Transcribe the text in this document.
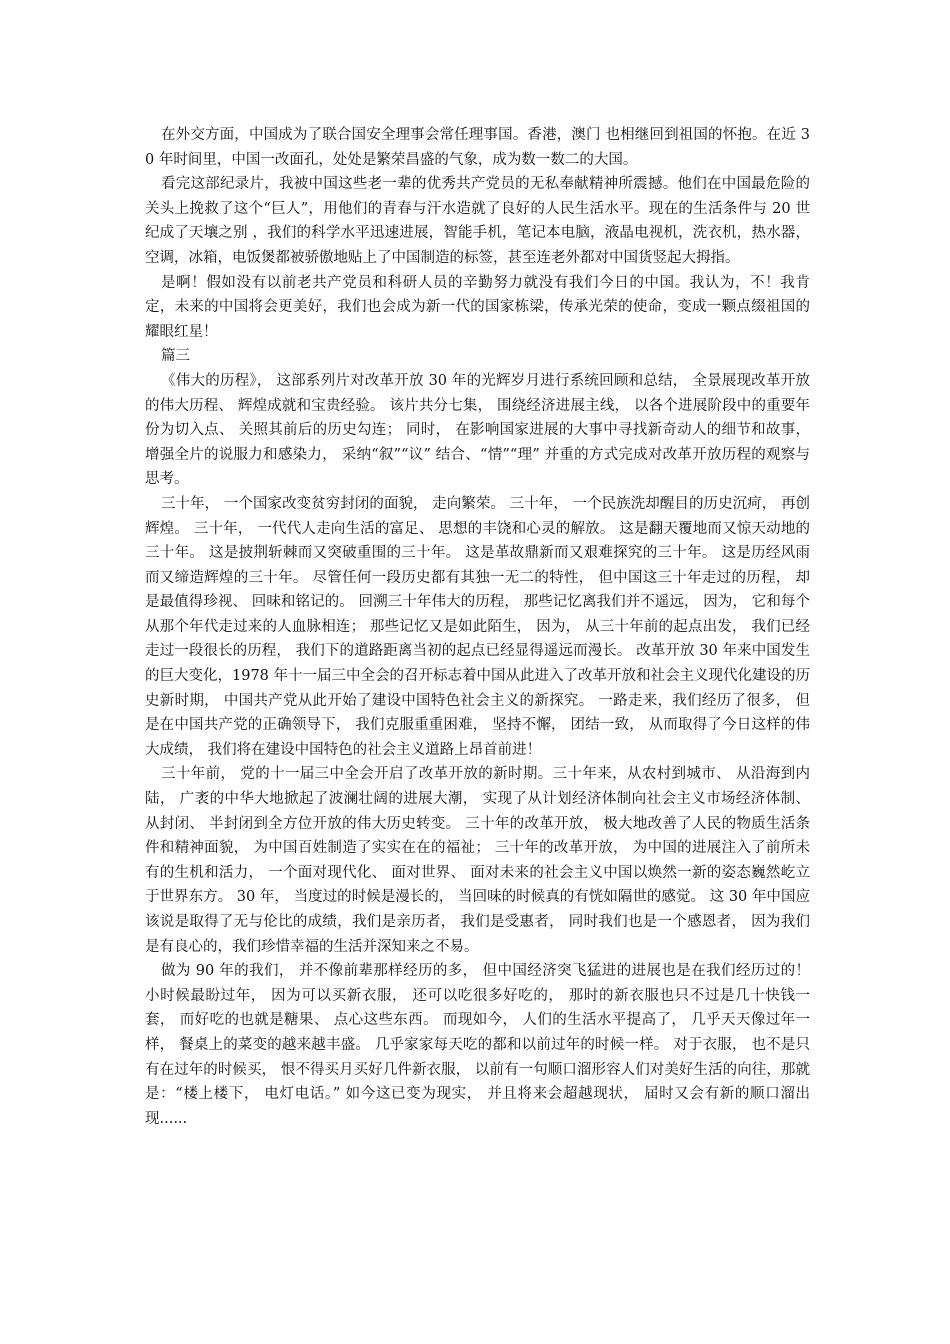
在外交方面，中国成为了联合国安全理事会常任理事国。香港，澳门 也相继回到祖国的怀抱。在近 30 年时间里，中国一改面孔，处处是繁荣昌盛的气象，成为数一数二的大国。

看完这部纪录片，我被中国这些老一辈的优秀共产党员的无私奉献精神所震撼。他们在中国最危险的关头上挽救了这个“巨人”，用他们的青春与汗水造就了良好的人民生活水平。现在的生活条件与 20 世纪成了天壤之别 ，我们的科学水平迅速进展，智能手机，笔记本电脑，液晶电视机，洗衣机，热水器，空调，冰箱，电饭煲都被骄傲地贴上了中国制造的标签，甚至连老外都对中国货竖起大拇指。

是啊！假如没有以前老共产党员和科研人员的辛勤努力就没有我们今日的中国。我认为，不！我肯定，未来的中国将会更美好，我们也会成为新一代的国家栋梁，传承光荣的使命，变成一颗点缀祖国的耀眼红星！

篇三

《伟大的历程》， 这部系列片对改革开放 30 年的光辉岁月进行系统回顾和总结， 全景展现改革开放的伟大历程、 辉煌成就和宝贵经验。 该片共分七集， 围绕经济进展主线， 以各个进展阶段中的重要年份为切入点、 关照其前后的历史勾连； 同时， 在影响国家进展的大事中寻找新奇动人的细节和故事， 增强全片的说服力和感染力， 采纳“叙”“议” 结合、“情”“理” 并重的方式完成对改革开放历程的观察与思考。

三十年， 一个国家改变贫穷封闭的面貌， 走向繁荣。 三十年， 一个民族洗却醒目的历史沉疴， 再创辉煌。 三十年， 一代代人走向生活的富足、 思想的丰饶和心灵的解放。 这是翻天覆地而又惊天动地的三十年。 这是披荆斩棘而又突破重围的三十年。 这是革故鼎新而又艰难探究的三十年。 这是历经风雨而又缔造辉煌的三十年。 尽管任何一段历史都有其独一无二的特性， 但中国这三十年走过的历程， 却是最值得珍视、 回味和铭记的。 回溯三十年伟大的历程， 那些记忆离我们并不遥远， 因为， 它和每个从那个年代走过来的人血脉相连； 那些记忆又是如此陌生， 因为， 从三十年前的起点出发， 我们已经走过一段很长的历程， 我们下的道路距离当初的起点已经显得遥远而漫长。 改革开放 30 年来中国发生的巨大变化，1978 年十一届三中全会的召开标志着中国从此进入了改革开放和社会主义现代化建设的历史新时期， 中国共产党从此开始了建设中国特色社会主义的新探究。 一路走来，我们经历了很多， 但是在中国共产党的正确领导下， 我们克服重重困难， 坚持不懈， 团结一致， 从而取得了今日这样的伟大成绩， 我们将在建设中国特色的社会主义道路上昂首前进！

三十年前， 党的十一届三中全会开启了改革开放的新时期。三十年来，从农村到城市、 从沿海到内陆， 广袤的中华大地掀起了波澜壮阔的进展大潮， 实现了从计划经济体制向社会主义市场经济体制、 从封闭、 半封闭到全方位开放的伟大历史转变。 三十年的改革开放， 极大地改善了人民的物质生活条件和精神面貌， 为中国百姓制造了实实在在的福祉； 三十年的改革开放， 为中国的进展注入了前所未有的生机和活力， 一个面对现代化、 面对世界、 面对未来的社会主义中国以焕然一新的姿态巍然屹立于世界东方。 30 年， 当度过的时候是漫长的， 当回味的时候真的有恍如隔世的感觉。 这 30 年中国应该说是取得了无与伦比的成绩，我们是亲历者， 我们是受惠者， 同时我们也是一个感恩者， 因为我们是有良心的，我们珍惜幸福的生活并深知来之不易。

做为 90 年的我们， 并不像前辈那样经历的多， 但中国经济突飞猛进的进展也是在我们经历过的！ 小时候最盼过年， 因为可以买新衣服， 还可以吃很多好吃的， 那时的新衣服也只不过是几十快钱一套， 而好吃的也就是糖果、 点心这些东西。 而现如今， 人们的生活水平提高了， 几乎天天像过年一样， 餐桌上的菜变的越来越丰盛。 几乎家家每天吃的都和以前过年的时候一样。 对于衣服， 也不是只有在过年的时候买， 恨不得买月买好几件新衣服， 以前有一句顺口溜形容人们对美好生活的向往，那就是：“楼上楼下， 电灯电话。” 如今这已变为现实， 并且将来会超越现状， 届时又会有新的顺口溜出现......
